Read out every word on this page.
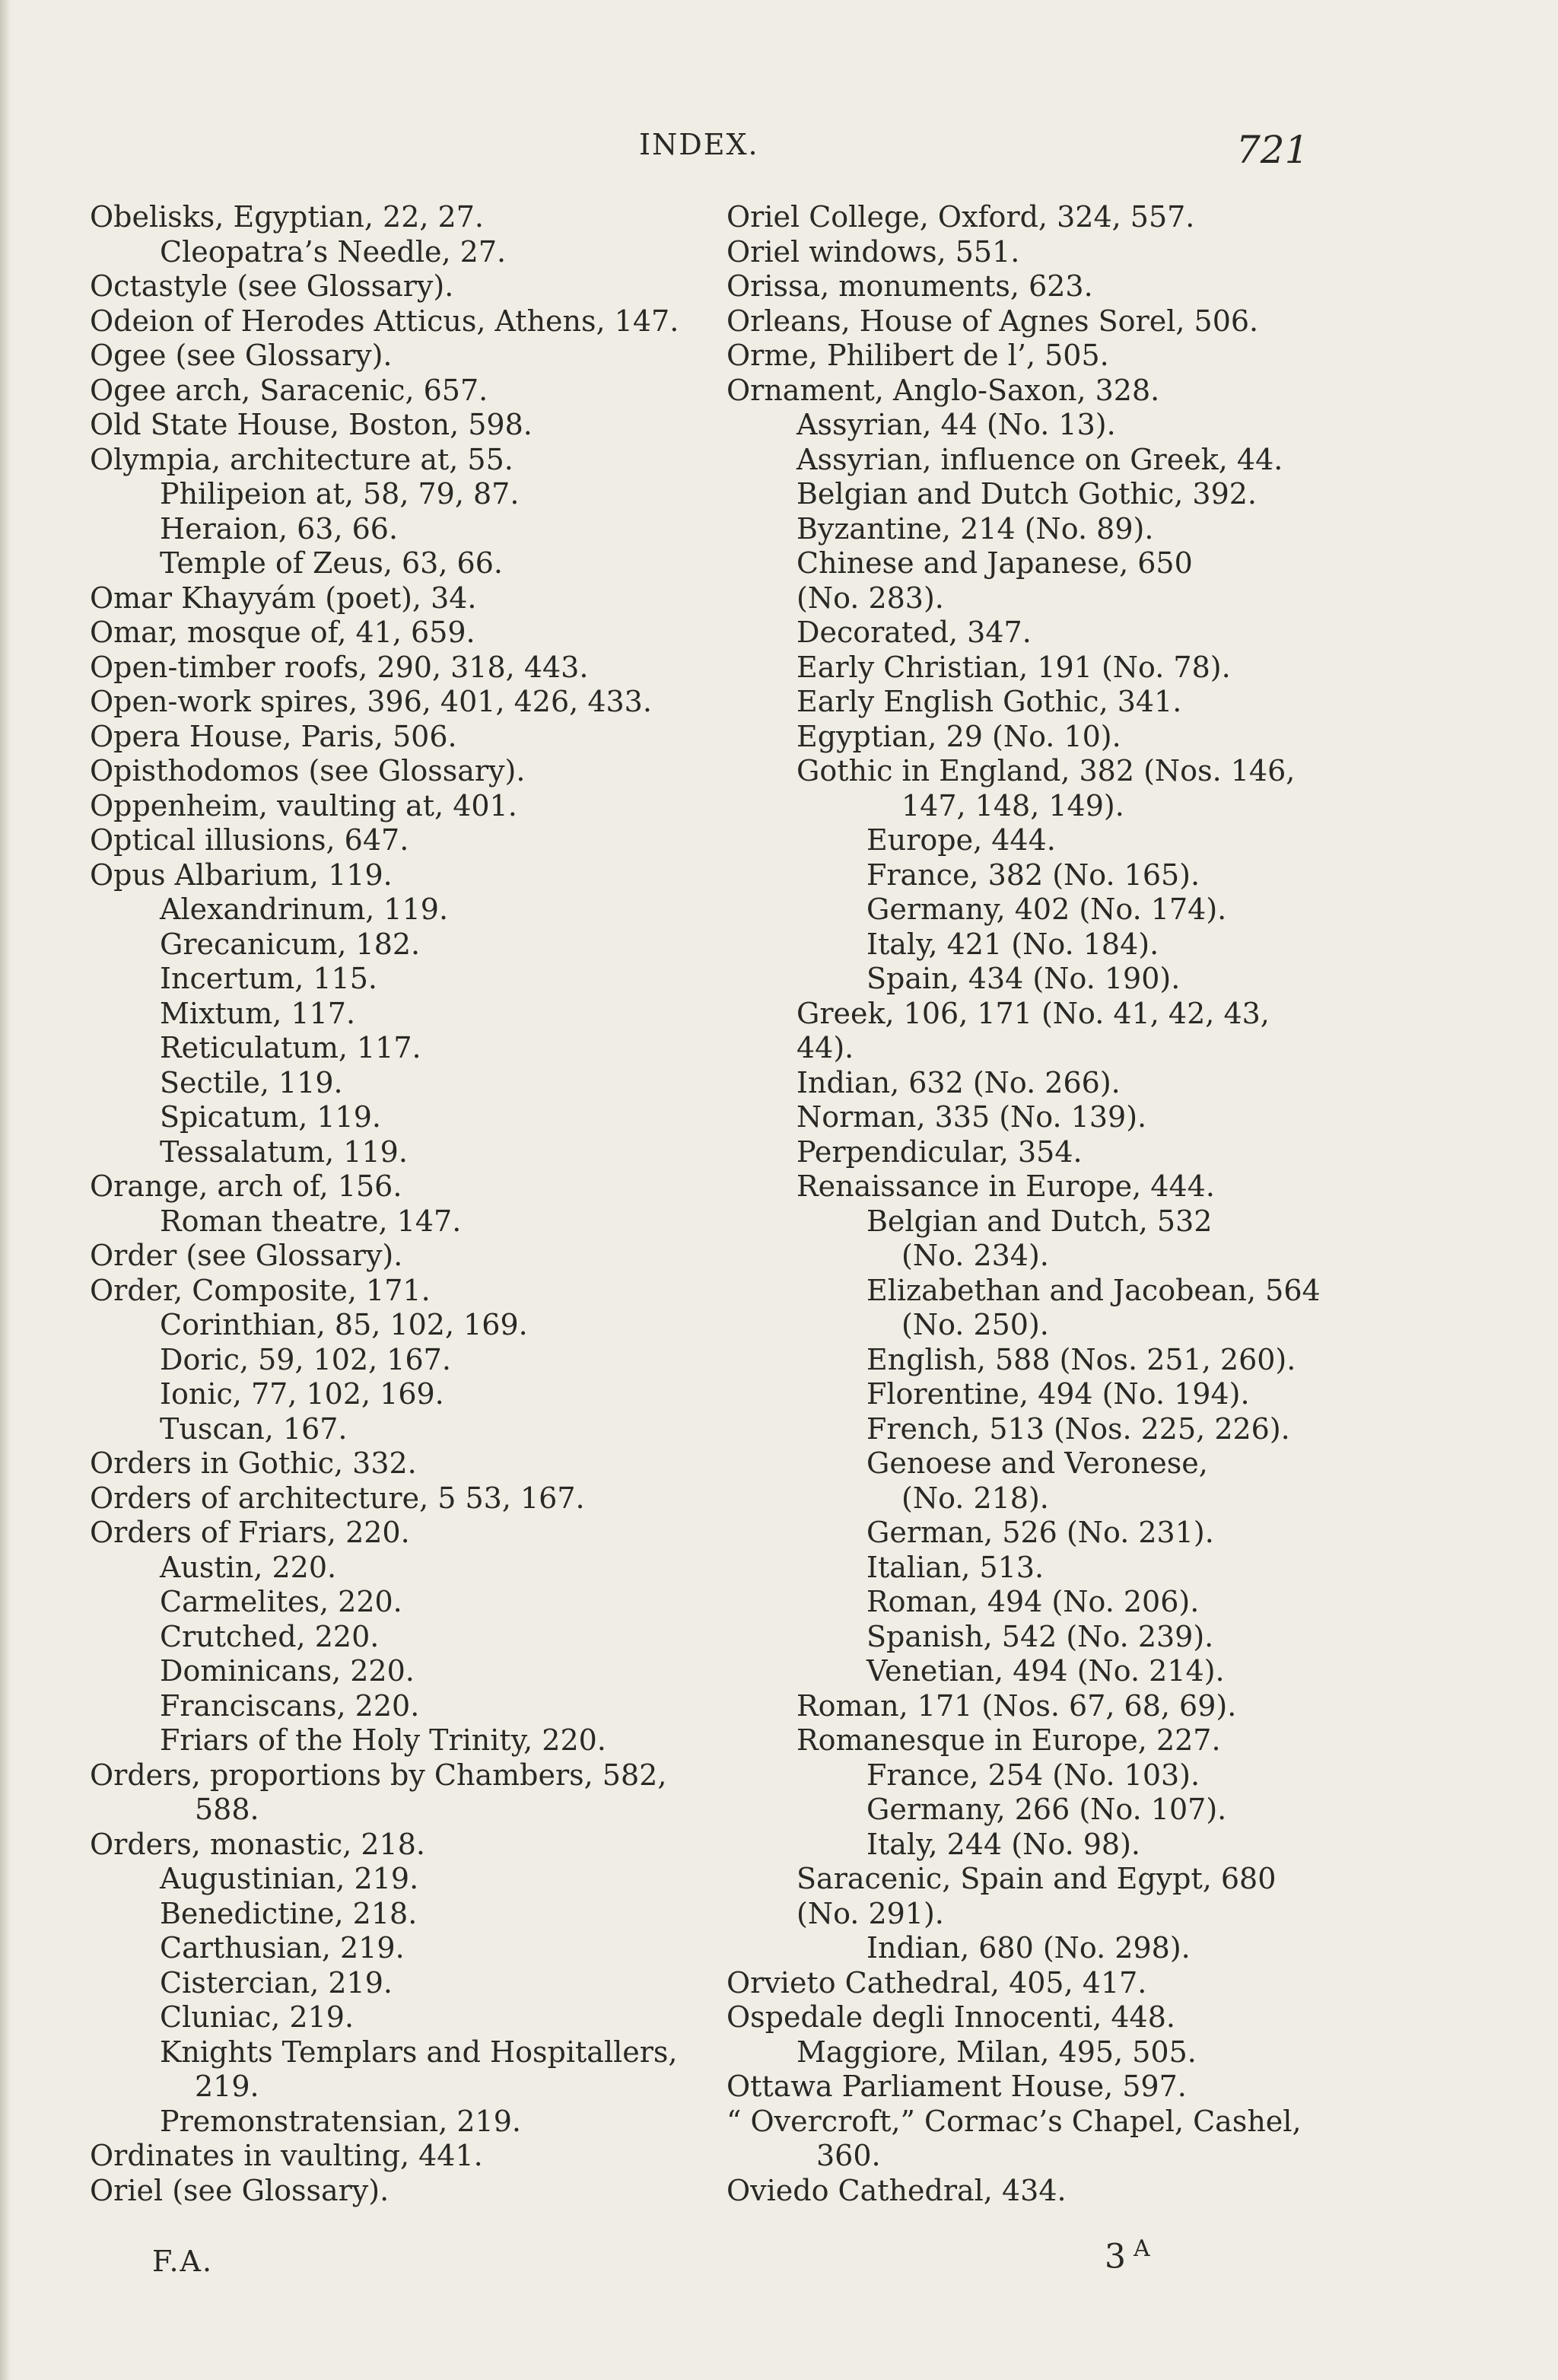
INDEX.	721

Obelisks, Egyptian, 22, 27.

Cleopatra’s Needle, 27.

Octastyle (see Glossary).

Odeion of Herodes Atticus, Athens, 147.

Ogee (see Glossary).

Ogee arch, Saracenic, 657.

Old State House, Boston, 598.

Olympia, architecture at, 55.

Philipeion at, 58, 79, 87.

Heraion, 63, 66.

Temple of Zeus, 63, 66.

Omar Khayyám (poet), 34.

Omar, mosque of, 41, 659.

Open-timber roofs, 290, 318, 443.

Open-work spires, 396, 401, 426, 433.

Opera House, Paris, 506.

Opisthodomos (see Glossary).

Oppenheim, vaulting at, 401.

Optical illusions, 647.

Opus Albarium, 119.

Alexandrinum, 119.

Grecanicum, 182.

Incertum, 115.

Mixtum, 117.

Reticulatum, 117.

Sectile, 119.

Spicatum, 119.

Tessalatum, 119.

Orange, arch of, 156.

Roman theatre, 147.

Order (see Glossary).

Order, Composite, 171.

Corinthian, 85, 102, 169.

Doric, 59, 102, 167.

Ionic, 77, 102, 169.

Tuscan, 167.

Orders in Gothic, 332.

Orders of architecture, 5 53, 167.

Orders of Friars, 220.

Austin, 220.

Carmelites, 220.

Crutched, 220.

Dominicans, 220.

Franciscans, 220.

Friars of the Holy Trinity, 220.

Orders, proportions by Chambers, 582,

588.

Orders, monastic, 218.

Augustinian, 219.

Benedictine, 218.

Carthusian, 219.

Cistercian, 219.

Cluniac, 219.

Knights Templars and Hospitallers,

219.

Premonstratensian, 219.

Ordinates in vaulting, 441.

Oriel (see Glossary).

Oriel College, Oxford, 324, 557.

Oriel windows, 551.

Orissa, monuments, 623.

Orleans, House of Agnes Sorel, 506.

Orme, Philibert de l’, 505.

Ornament, Anglo-Saxon, 328.

Assyrian, 44 (No. 13).

Assyrian, influence on Greek, 44.

Belgian and Dutch Gothic, 392.

Byzantine, 214 (No. 89).

Chinese and Japanese, 650

(No. 283).

Decorated, 347.

Early Christian, 191 (No. 78).

Early English Gothic, 341.

Egyptian, 29 (No. 10).

Gothic in England, 382 (Nos. 146,

147, 148, 149).

Europe, 444.

France, 382 (No. 165).

Germany, 402 (No. 174).

Italy, 421 (No. 184).

Spain, 434 (No. 190).

Greek, 106, 171 (No. 41, 42, 43,

44).

Indian, 632 (No. 266).

Norman, 335 (No. 139).

Perpendicular, 354.

Renaissance in Europe, 444.

Belgian and Dutch, 532

(No. 234).

Elizabethan and Jacobean, 564

(No. 250).

English, 588 (Nos. 251, 260).

Florentine, 494 (No. 194).

French, 513 (Nos. 225, 226).

Genoese and Veronese,

(No. 218).

German, 526 (No. 231).

Italian, 513.

Roman, 494 (No. 206).

Spanish, 542 (No. 239).

Venetian, 494 (No. 214).

Roman, 171 (Nos. 67, 68, 69).

Romanesque in Europe, 227.

France, 254 (No. 103).

Germany, 266 (No. 107).

Italy, 244 (No. 98).

Saracenic, Spain and Egypt, 680

(No. 291).

Indian, 680 (No. 298).

Orvieto Cathedral, 405, 417.

Ospedale degli Innocenti, 448.

Maggiore, Milan, 495, 505.

Ottawa Parliament House, 597.

“ Overcroft,” Cormac’s Chapel, Cashel,

360.

Oviedo Cathedral, 434.

F.A.	3 $^A$
